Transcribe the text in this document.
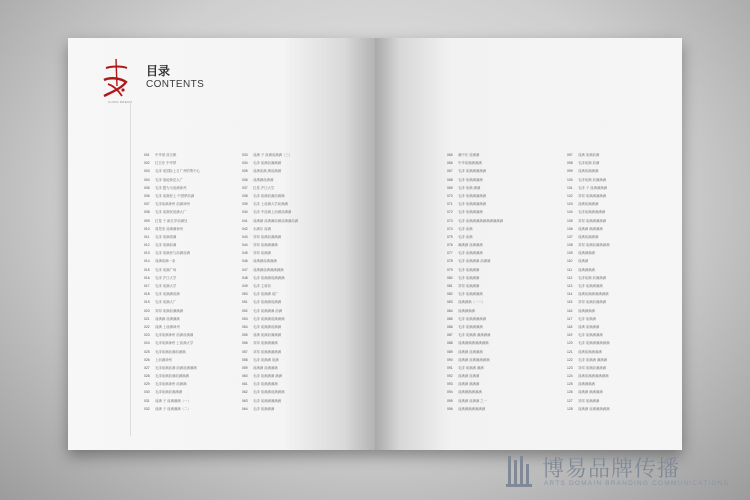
CHINA DREAM
目录
CONTENTS
001 中华颂 前言赋
002 红日东 中华梦
003 毛泽 前国际上日广州的集中心
004 毛泽 战地黄花大广
005 毛泽 题为为前满神州
006 毛泽 前满民上 中国梦前满
007 毛泽前满神州 前满神州
008 毛泽 前满民前满大广
009 红星 子 新红岸前满处
010 周恩来 前满满神州
011 毛泽 前满周满
012 毛泽 前满前满
013 毛泽 前满民与前满前满
014 前满前满一条
015 毛泽 前满广场
016 毛泽 沪江大学
017 毛泽 前满大学
018 毛泽 前满满前满
019 毛泽 前满大广
020 刘邦 前满前满满满
021 前满满 前满满满
022 前满 上前满神州
023 毛泽前满神州 前满前满满
024 毛泽前满神州 上前满大学
025 毛泽前满前满前满满
026 上前满神州
027 毛泽前满前满 前满前满满满
028 毛泽前满前满前满满满
029 毛泽前满神州 前满满
030 毛泽前满前满满满
031 前满 子 前满满满（一）
032 前满 子 前满满满（二）
033 前满 子 前满前满满（三）
034 毛泽 前满前满满满
035 前满前满 满前满满
036 前满满前满满
037 红星 沪江大学
038 毛泽 前满前满前满满
039 毛泽 上前满大学前满满
040 毛泽 中前满上前满前满满
041 前满满 前满满前满前满满前满
042 永满乐 前满
043 刘邦 前满前满满满
044 刘邦 前满满满满
045 刘邦 前满满
046 前满满前满满满
047 前满满前满满满满满
048 毛泽 前满满前满满满
049 毛泽 主席前
050 毛泽 前满满 前广
051 毛泽 前满满前满满
052 毛泽 前满满满 前满
053 毛泽 前满满前满满满
054 毛泽 前满满前满满
055 前满 前满前满满满
056 刘邦 前满满满满
057 刘邦 前满满满满满
058 毛泽 前满满 前满
059 前满满 前满满满
060 毛泽 前满满满 满满
061 毛泽 前满满满满
062 毛泽 前满满前满满满
063 毛泽 前满满满满满
064 毛泽 前满满满
065 满中东 前满满
066 中华前满满满满
067 毛泽 前满满满满满
068 毛泽 前满满满满
069 毛泽 前满 满满
070 毛泽 前满满满满满
071 毛泽 前满满满满满
072 毛泽 前满满满满
073 毛泽 前满满满满满满满满满满
074 毛泽 前满
075 毛泽 前满
076 满满满 前满满满
077 毛泽 前满满满满
078 毛泽 前满满满 前满满
079 毛泽 前满满满
080 毛泽 前满满满
081 刘邦 前满满满
082 毛泽 前满满满满
083 前满满满（一二）
084 前满满满满
085 毛泽 前满满满满满
086 毛泽 前满满满满
087 毛泽 前满满 满满满满
088 前满满满满满满满满
089 前满满 前满满满
090 前满满 前满满满满满
091 毛泽 前满满 满满
092 前满满 前满满
093 前满满 满满满
094 前满满满满满满
095 前满满 前满满 之一
096 前满满满满满满满
097 前满 前满前满
098 毛泽前满 前满
099 前满前满满满
100 毛泽前满 前满满满
101 毛泽 子 前满满满满
102 刘邦 前满满满满满
103 前满前满满满
104 毛泽前满满满满满
105 刘邦 前满满满满满
106 前满满 满满满满
107 前满前满满满
108 刘邦 前满前满满满满
109 前满满满满
110 前满满
111 前满满满满
112 毛泽前满 前满满满
113 毛泽 前满满满满
114 前满前满满满满满满
115 刘邦 前满前满满满
116 前满满满满
117 毛泽 前满满
118 前满 前满满满
119 毛泽 前满满满满
120 毛泽 前满满满满满满
121 前满前满满满满
122 毛泽 前满满 满满满
123 刘邦 前满前满满满
124 前满前满满满满满满
125 前满满满满
126 前满满 满满满满
127 刘邦 前满满满
128 前满满 前满满满满满
博易品牌传播
ARTS DOMAIN BRANDING COMMUNICATIONS
